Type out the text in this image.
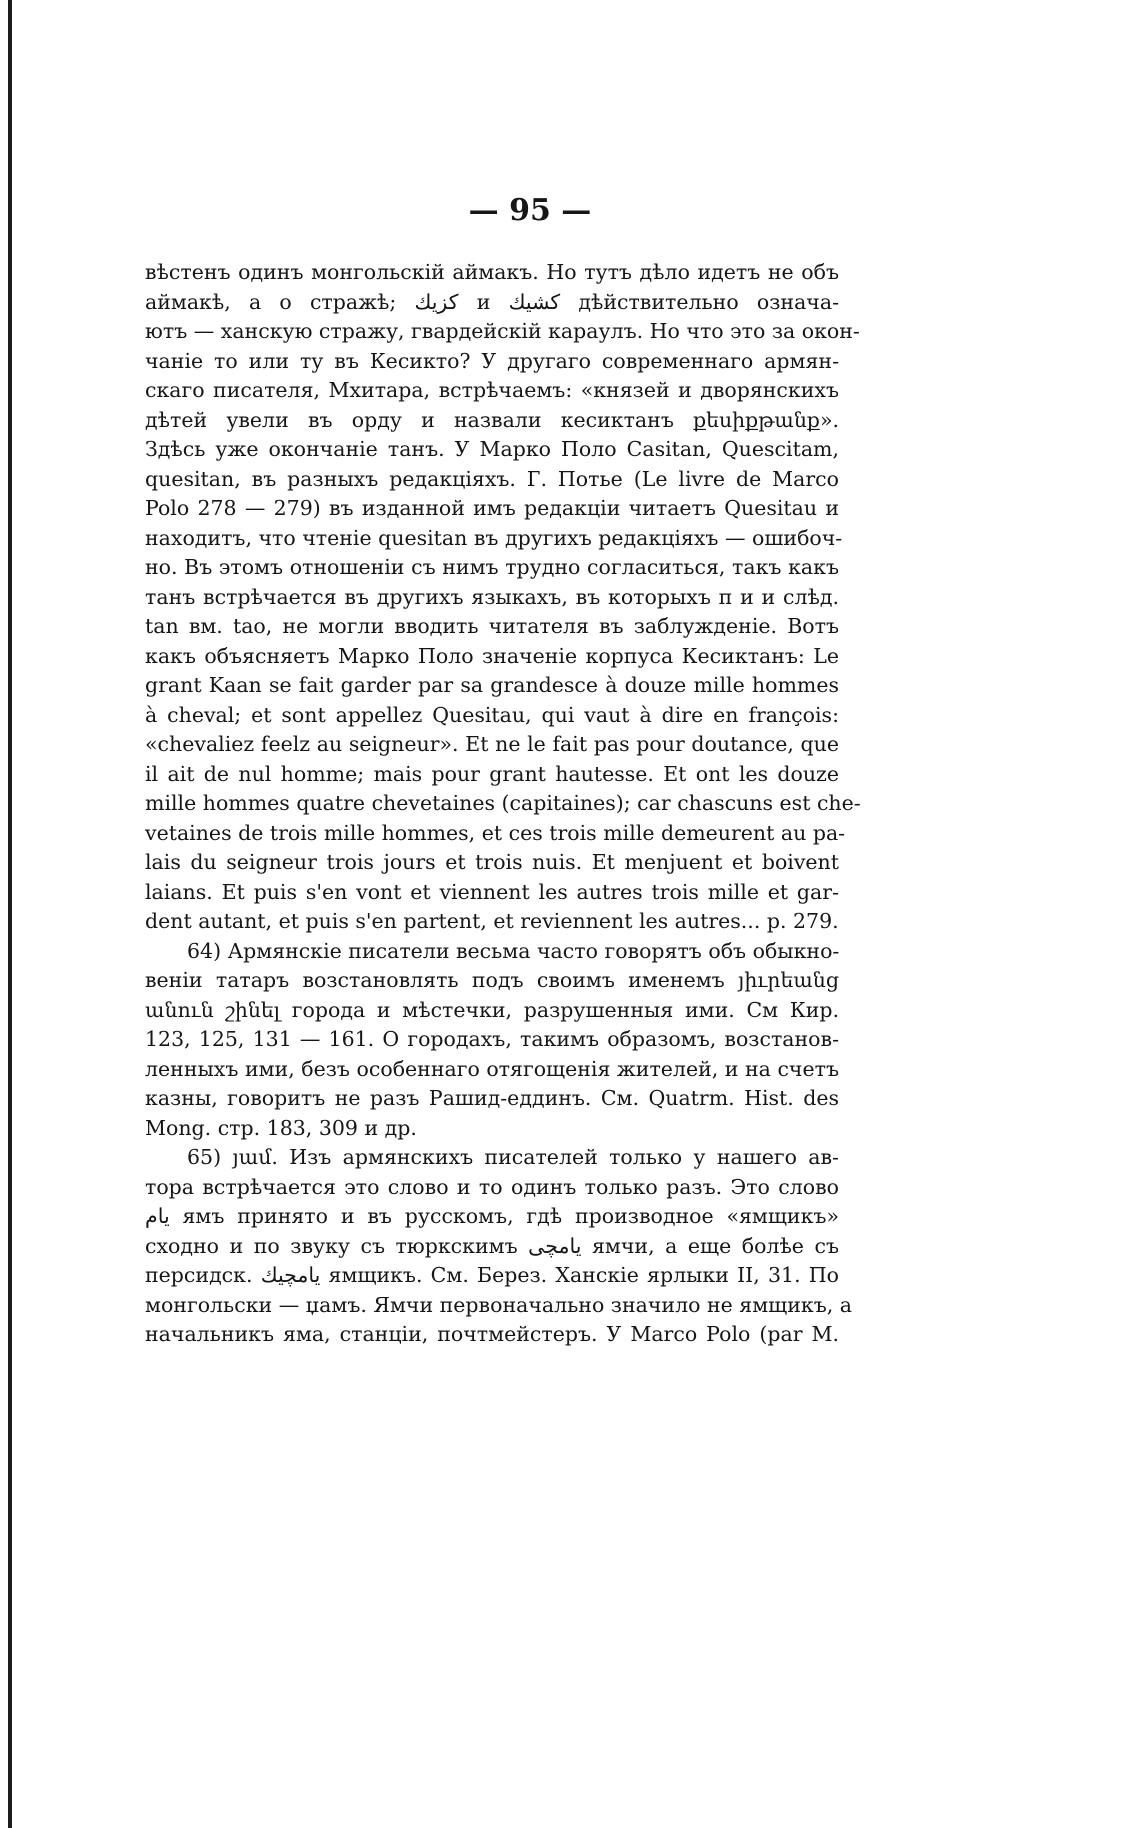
— 95 —
вѣстенъ одинъ монгольскій аймакъ. Но тутъ дѣло идетъ не объ
аймакѣ, а о стражѣ; كزيك и كشيك дѣйствительно означа-
ютъ — ханскую стражу, гвардейскій караулъ. Но что это за окон-
чаніе то или ту въ Кесикто? У другаго современнаго армян-
скаго писателя, Мхитара, встрѣчаемъ: «князей и дворянскихъ
дѣтей увели въ орду и назвали кесиктанъ քեսիքթանք».
Здѣсь уже окончаніе танъ. У Марко Поло Casitan, Quescitam,
quesitan, въ разныхъ редакціяхъ. Г. Потье (Le livre de Marco
Polo 278 — 279) въ изданной имъ редакціи читаетъ Quesitau и
находитъ, что чтеніе quesitan въ другихъ редакціяхъ — ошибоч-
но. Въ этомъ отношеніи съ нимъ трудно согласиться, такъ какъ
танъ встрѣчается въ другихъ языкахъ, въ которыхъ п и и слѣд.
tan вм. tao, не могли вводить читателя въ заблужденіе. Вотъ
какъ объясняетъ Марко Поло значеніе корпуса Кесиктанъ: Le
grant Kaan se fait garder par sa grandesce à douze mille hommes
à cheval; et sont appellez Quesitau, qui vaut à dire en françois:
«chevaliez feelz au seigneur». Et ne le fait pas pour doutance, que
il ait de nul homme; mais pour grant hautesse. Et ont les douze
mille hommes quatre chevetaines (capitaines); car chascuns est che-
vetaines de trois mille hommes, et ces trois mille demeurent au pa-
lais du seigneur trois jours et trois nuis. Et menjuent et boivent
laians. Et puis s'en vont et viennent les autres trois mille et gar-
dent autant, et puis s'en partent, et reviennent les autres... р. 279.
64) Армянскіе писатели весьма часто говорятъ объ обыкно-
веніи татаръ возстановлять подъ своимъ именемъ յիւրեանց
անուն շինել города и мѣстечки, разрушенныя ими. См Кир.
123, 125, 131 — 161. О городахъ, такимъ образомъ, возстанов-
ленныхъ ими, безъ особеннаго отягощенія жителей, и на счетъ
казны, говоритъ не разъ Рашид-еддинъ. См. Quatrm. Hist. des
Mong. стр. 183, 309 и др.
65) յամ. Изъ армянскихъ писателей только у нашего ав-
тора встрѣчается это слово и то одинъ только разъ. Это слово
يام ямъ принято и въ русскомъ, гдѣ производное «ямщикъ»
сходно и по звуку съ тюркскимъ يامچى ямчи, а еще болѣе съ
персидск. يامچيك ямщикъ. См. Берез. Ханскіе ярлыки II, 31. По
монгольски — џамъ. Ямчи первоначально значило не ямщикъ, а
начальникъ яма, станціи, почтмейстеръ. У Marco Polo (par M.
